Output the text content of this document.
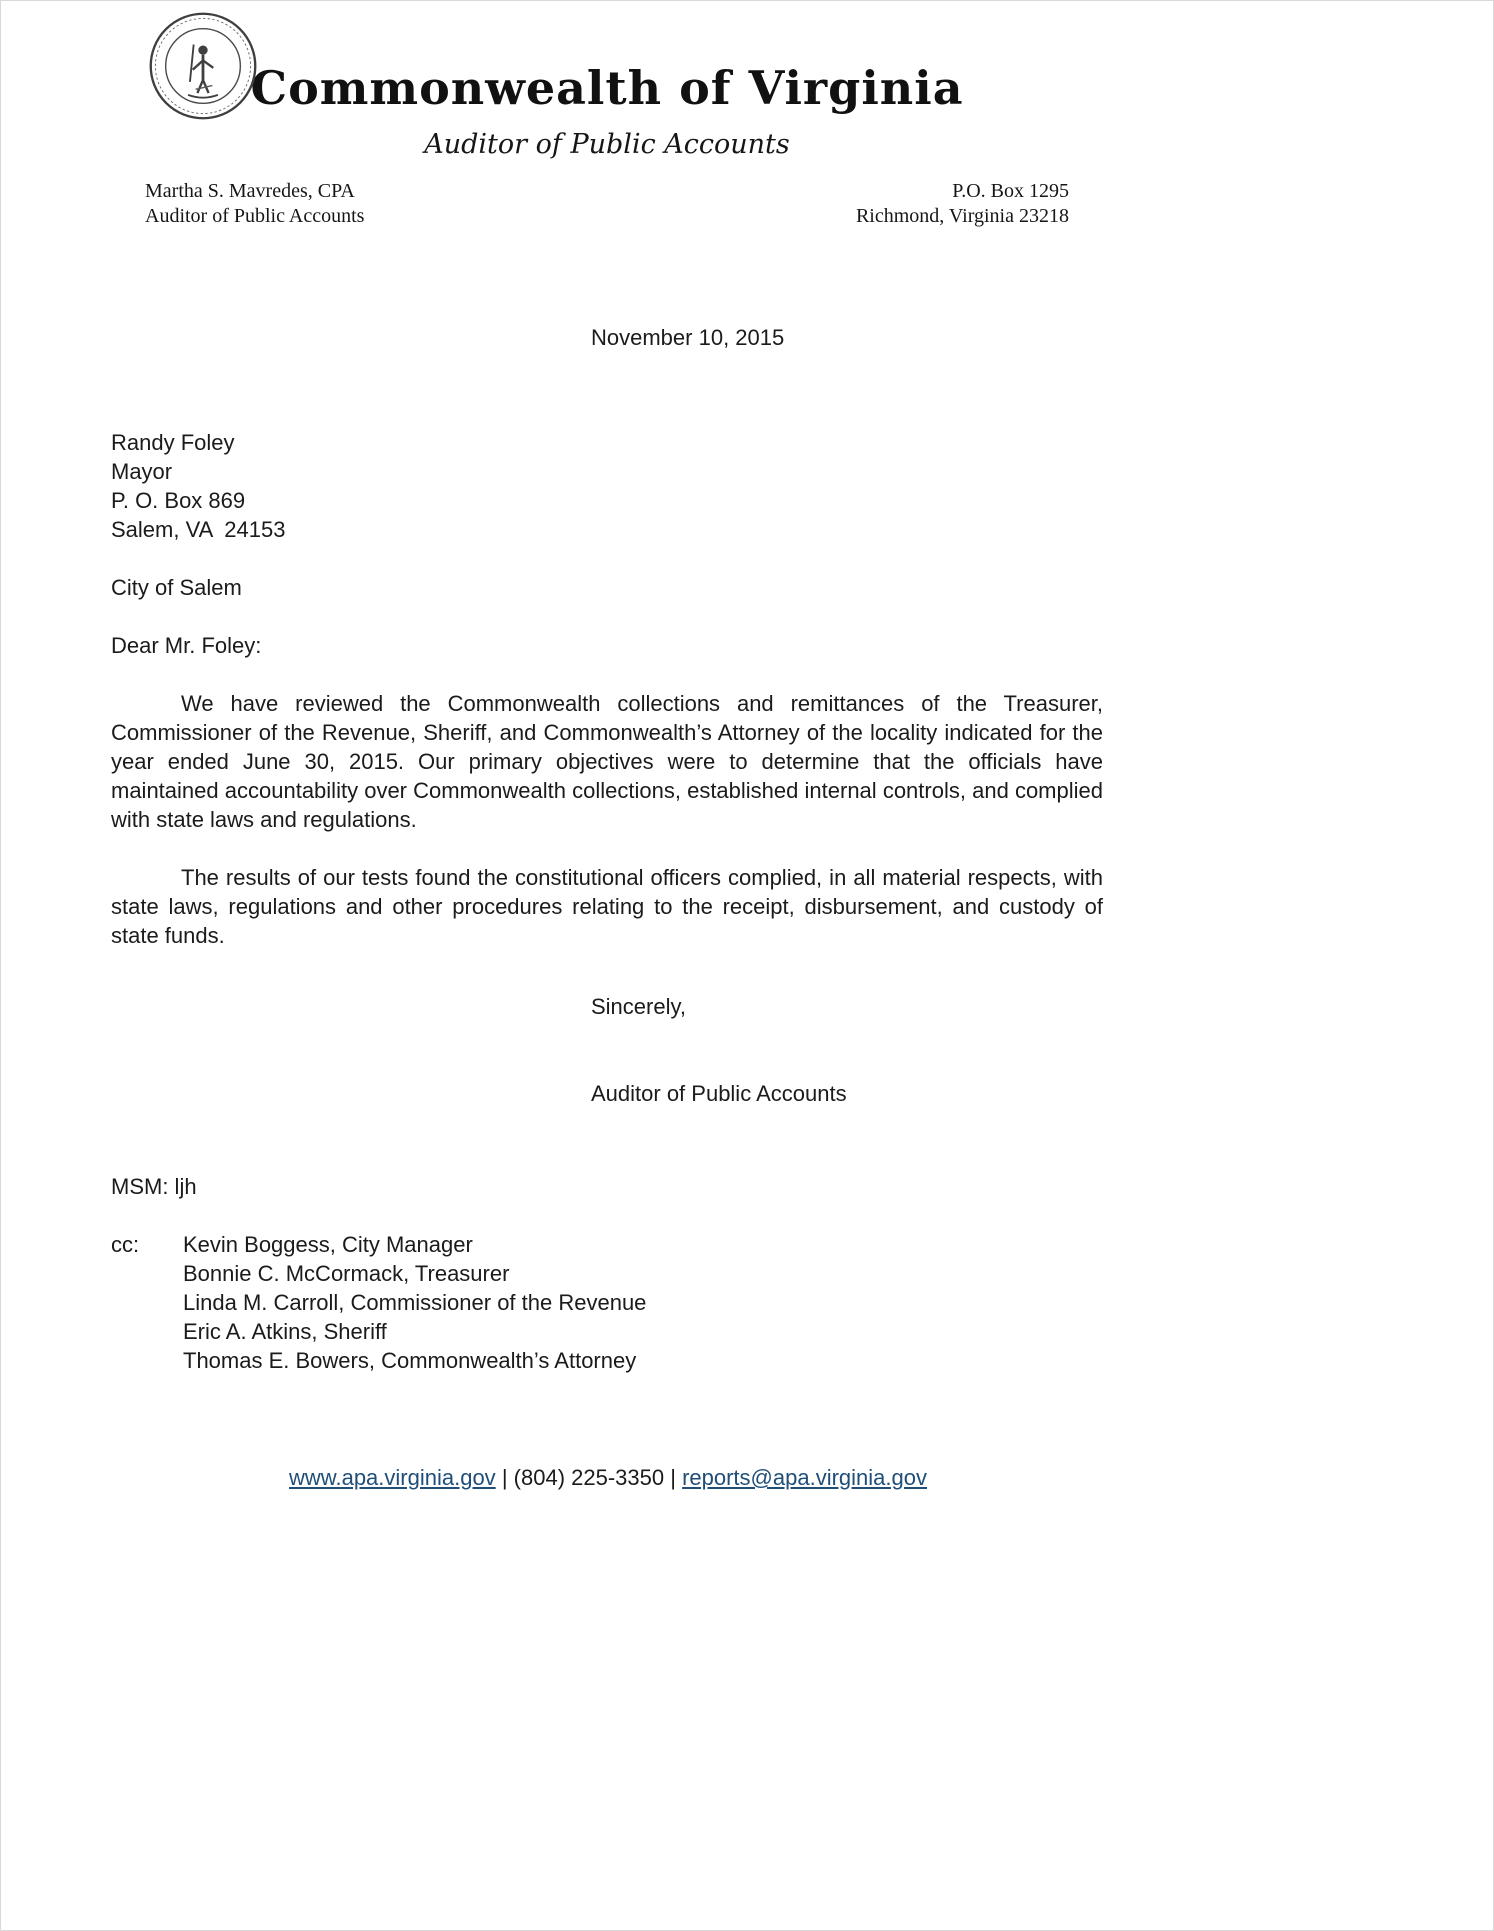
Commonwealth of Virginia
Auditor of Public Accounts
Martha S. Mavredes, CPA
Auditor of Public Accounts
P.O. Box 1295
Richmond, Virginia 23218
November 10, 2015
Randy Foley
Mayor
P. O. Box 869
Salem, VA  24153
City of Salem
Dear Mr. Foley:

We have reviewed the Commonwealth collections and remittances of the Treasurer, Commissioner of the Revenue, Sheriff, and Commonwealth’s Attorney of the locality indicated for the year ended June 30, 2015. Our primary objectives were to determine that the officials have maintained accountability over Commonwealth collections, established internal controls, and complied with state laws and regulations.

The results of our tests found the constitutional officers complied, in all material respects, with state laws, regulations and other procedures relating to the receipt, disbursement, and custody of state funds.

Sincerely,
Auditor of Public Accounts
MSM: ljh
cc:	Kevin Boggess, City Manager
Bonnie C. McCormack, Treasurer
Linda M. Carroll, Commissioner of the Revenue
Eric A. Atkins, Sheriff
Thomas E. Bowers, Commonwealth’s Attorney
www.apa.virginia.gov | (804) 225-3350 | reports@apa.virginia.gov
